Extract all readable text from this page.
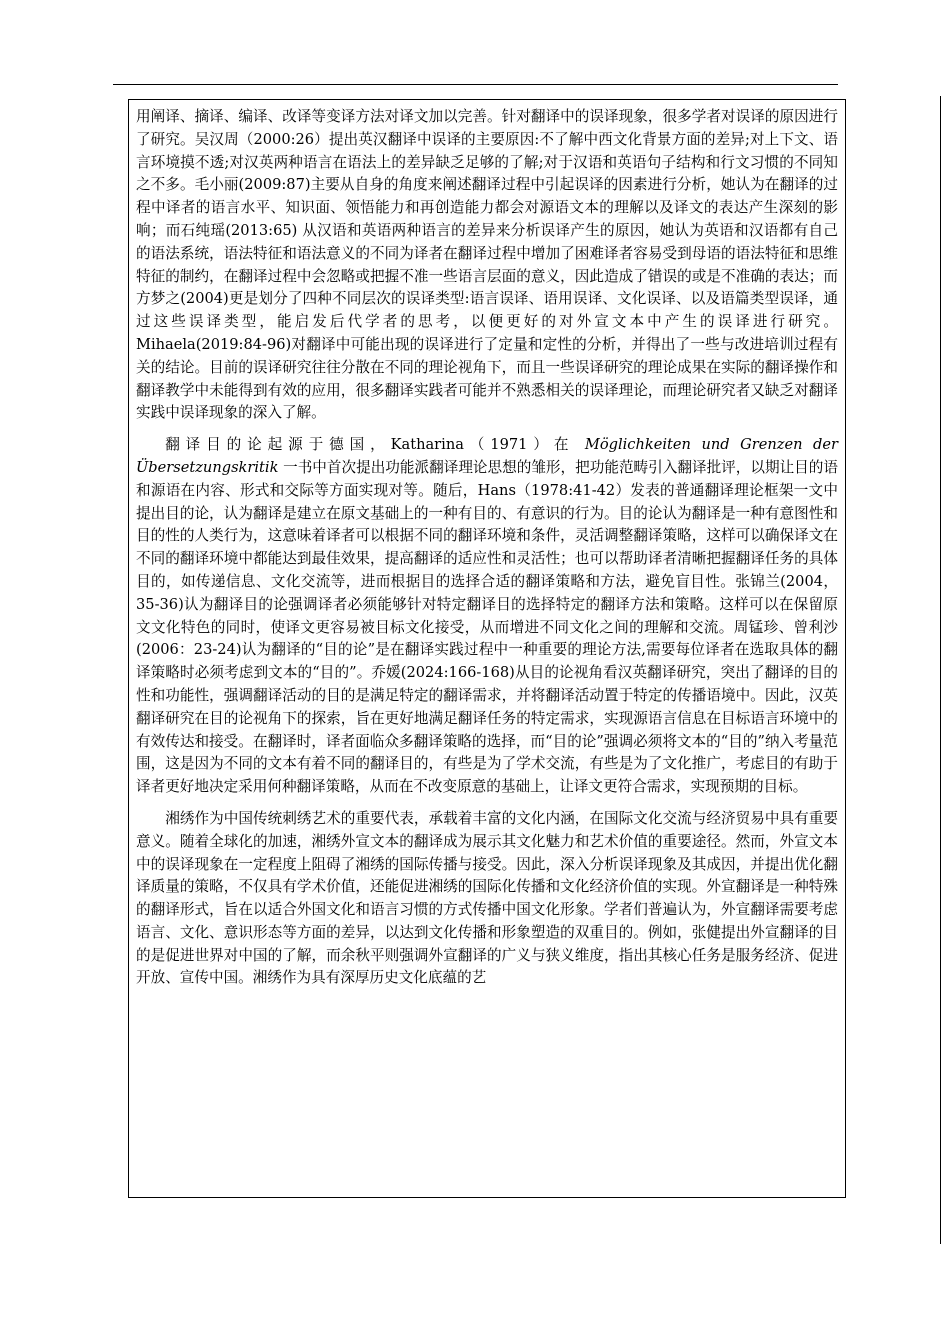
用阐译、摘译、编译、改译等变译方法对译文加以完善。针对翻译中的误译现象，很多学者对误译的原因进行了研究。吴汉周（2000:26）提出英汉翻译中误译的主要原因:不了解中西文化背景方面的差异;对上下文、语言环境摸不透;对汉英两种语言在语法上的差异缺乏足够的了解;对于汉语和英语句子结构和行文习惯的不同知之不多。毛小丽(2009:87)主要从自身的角度来阐述翻译过程中引起误译的因素进行分析，她认为在翻译的过程中译者的语言水平、知识面、领悟能力和再创造能力都会对源语文本的理解以及译文的表达产生深刻的影响；而石纯瑶(2013:65) 从汉语和英语两种语言的差异来分析误译产生的原因，她认为英语和汉语都有自己的语法系统，语法特征和语法意义的不同为译者在翻译过程中增加了困难译者容易受到母语的语法特征和思维特征的制约，在翻译过程中会忽略或把握不准一些语言层面的意义，因此造成了错误的或是不准确的表达；而方梦之(2004)更是划分了四种不同层次的误译类型:语言误译、语用误译、文化误译、以及语篇类型误译，通过这些误译类型，能启发后代学者的思考，以便更好的对外宣文本中产生的误译进行研究。Mihaela(2019:84-96)对翻译中可能出现的误译进行了定量和定性的分析，并得出了一些与改进培训过程有关的结论。目前的误译研究往往分散在不同的理论视角下，而且一些误译研究的理论成果在实际的翻译操作和翻译教学中未能得到有效的应用，很多翻译实践者可能并不熟悉相关的误译理论，而理论研究者又缺乏对翻译实践中误译现象的深入了解。

翻译目的论起源于德国，Katharina（1971）在 Möglichkeiten und Grenzen der Übersetzungskritik 一书中首次提出功能派翻译理论思想的雏形，把功能范畴引入翻译批评，以期让目的语和源语在内容、形式和交际等方面实现对等。随后，Hans（1978:41-42）发表的普通翻译理论框架一文中提出目的论，认为翻译是建立在原文基础上的一种有目的、有意识的行为。目的论认为翻译是一种有意图性和目的性的人类行为，这意味着译者可以根据不同的翻译环境和条件，灵活调整翻译策略，这样可以确保译文在不同的翻译环境中都能达到最佳效果，提高翻译的适应性和灵活性；也可以帮助译者清晰把握翻译任务的具体目的，如传递信息、文化交流等，进而根据目的选择合适的翻译策略和方法，避免盲目性。张锦兰(2004，35-36)认为翻译目的论强调译者必须能够针对特定翻译目的选择特定的翻译方法和策略。这样可以在保留原文文化特色的同时，使译文更容易被目标文化接受，从而增进不同文化之间的理解和交流。周锰珍、曾利沙(2006：23-24)认为翻译的“目的论”是在翻译实践过程中一种重要的理论方法,需要每位译者在选取具体的翻译策略时必须考虑到文本的“目的”。乔媛(2024:166-168)从目的论视角看汉英翻译研究，突出了翻译的目的性和功能性，强调翻译活动的目的是满足特定的翻译需求，并将翻译活动置于特定的传播语境中。因此，汉英翻译研究在目的论视角下的探索，旨在更好地满足翻译任务的特定需求，实现源语言信息在目标语言环境中的有效传达和接受。在翻译时，译者面临众多翻译策略的选择，而“目的论”强调必须将文本的“目的”纳入考量范围，这是因为不同的文本有着不同的翻译目的，有些是为了学术交流，有些是为了文化推广，考虑目的有助于译者更好地决定采用何种翻译策略，从而在不改变原意的基础上，让译文更符合需求，实现预期的目标。

湘绣作为中国传统刺绣艺术的重要代表，承载着丰富的文化内涵，在国际文化交流与经济贸易中具有重要意义。随着全球化的加速，湘绣外宣文本的翻译成为展示其文化魅力和艺术价值的重要途径。然而，外宣文本中的误译现象在一定程度上阻碍了湘绣的国际传播与接受。因此，深入分析误译现象及其成因，并提出优化翻译质量的策略，不仅具有学术价值，还能促进湘绣的国际化传播和文化经济价值的实现。外宣翻译是一种特殊的翻译形式，旨在以适合外国文化和语言习惯的方式传播中国文化形象。学者们普遍认为，外宣翻译需要考虑语言、文化、意识形态等方面的差异，以达到文化传播和形象塑造的双重目的。例如，张健提出外宣翻译的目的是促进世界对中国的了解，而余秋平则强调外宣翻译的广义与狭义维度，指出其核心任务是服务经济、促进开放、宣传中国。湘绣作为具有深厚历史文化底蕴的艺
